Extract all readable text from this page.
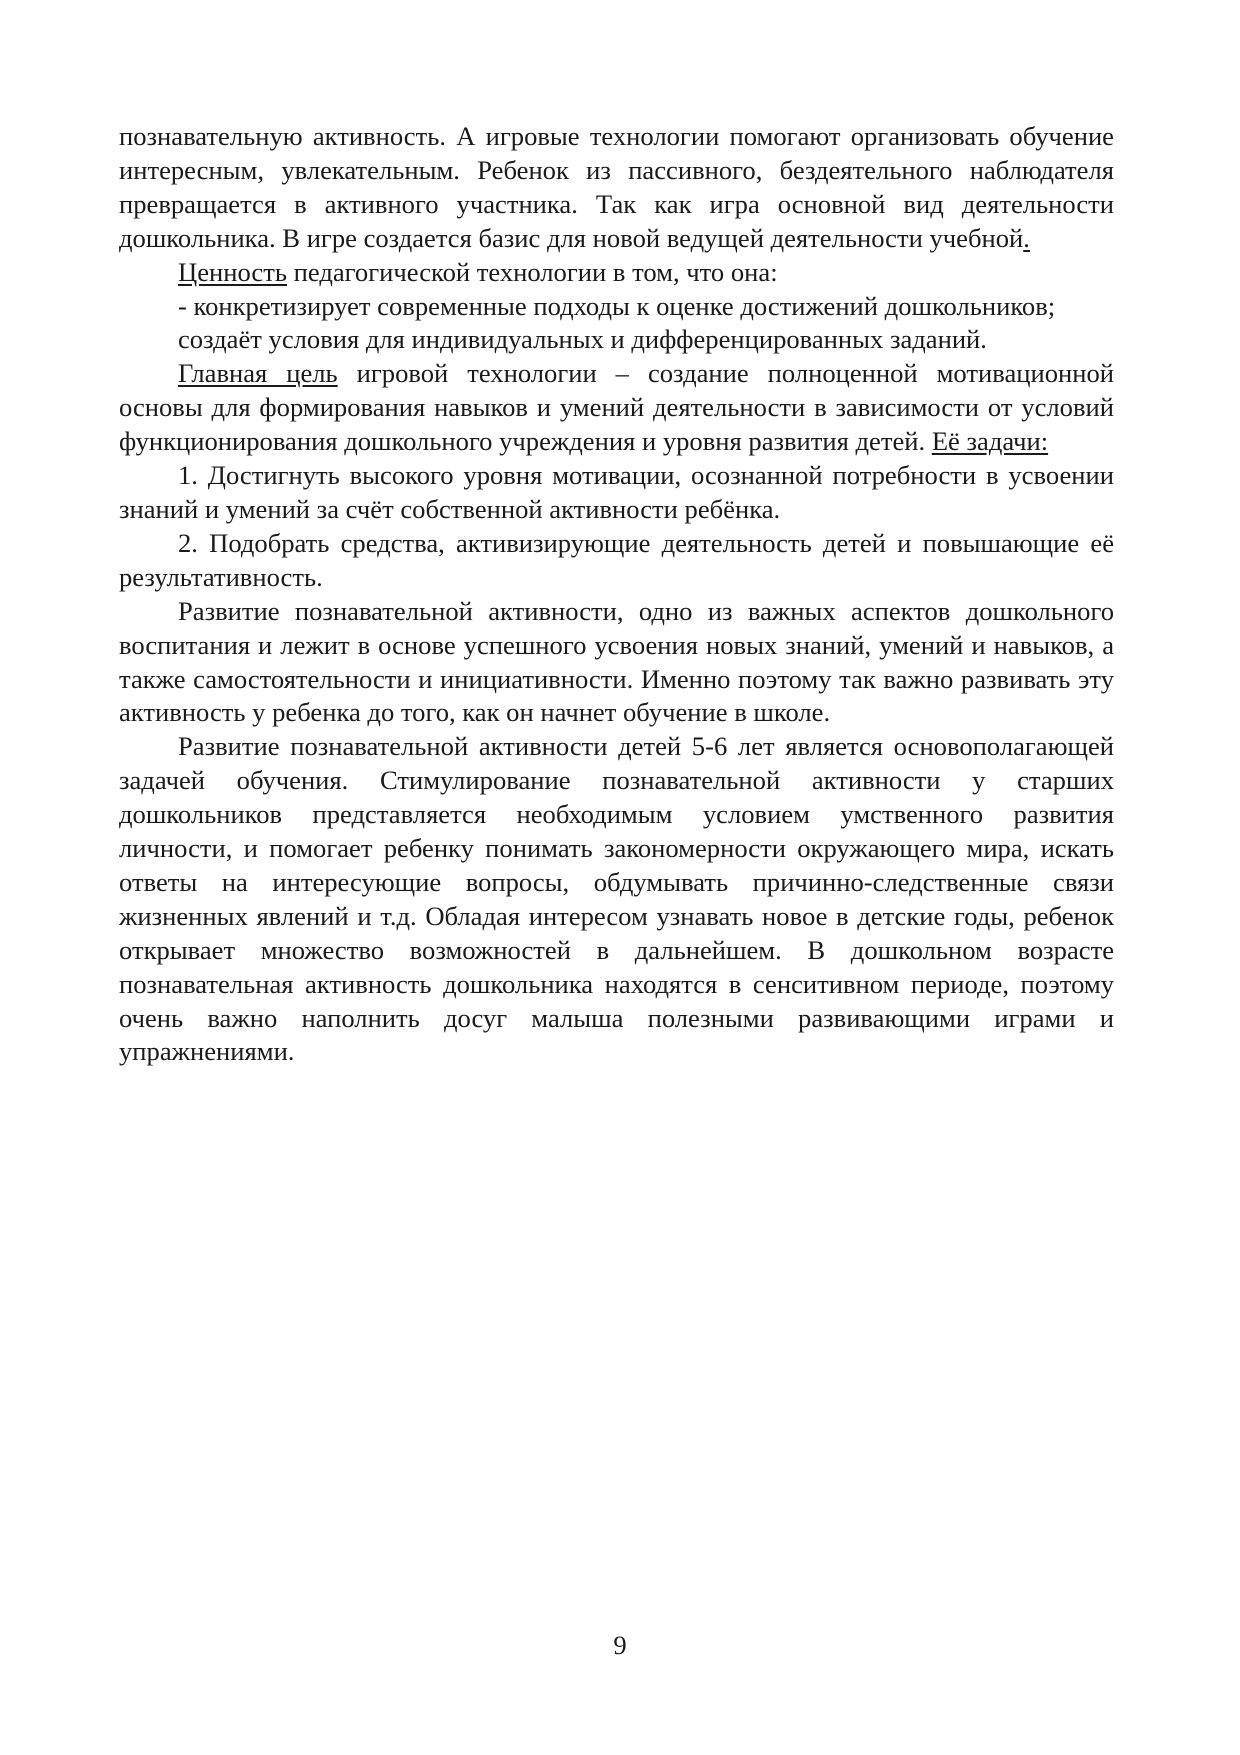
познавательную активность. А игровые технологии помогают организовать обучение интересным, увлекательным. Ребенок из пассивного, бездеятельного наблюдателя превращается в активного участника. Так как игра основной вид деятельности дошкольника. В игре создается базис для новой ведущей деятельности учебной.

Ценность педагогической технологии в том, что она:

- конкретизирует современные подходы к оценке достижений дошкольников;

создаёт условия для индивидуальных и дифференцированных заданий.

Главная цель игровой технологии – создание полноценной мотивационной основы для формирования навыков и умений деятельности в зависимости от условий функционирования дошкольного учреждения и уровня развития детей. Её задачи:

1. Достигнуть высокого уровня мотивации, осознанной потребности в усвоении знаний и умений за счёт собственной активности ребёнка.

2. Подобрать средства, активизирующие деятельность детей и повышающие её результативность.

Развитие познавательной активности, одно из важных аспектов дошкольного воспитания и лежит в основе успешного усвоения новых знаний, умений и навыков, а также самостоятельности и инициативности. Именно поэтому так важно развивать эту активность у ребенка до того, как он начнет обучение в школе.

Развитие познавательной активности детей 5-6 лет является основополагающей задачей обучения. Стимулирование познавательной активности у старших дошкольников представляется необходимым условием умственного развития личности, и помогает ребенку понимать закономерности окружающего мира, искать ответы на интересующие вопросы, обдумывать причинно-следственные связи жизненных явлений и т.д. Обладая интересом узнавать новое в детские годы, ребенок открывает множество возможностей в дальнейшем. В дошкольном возрасте познавательная активность дошкольника находятся в сенситивном периоде, поэтому очень важно наполнить досуг малыша полезными развивающими играми и упражнениями.

9
